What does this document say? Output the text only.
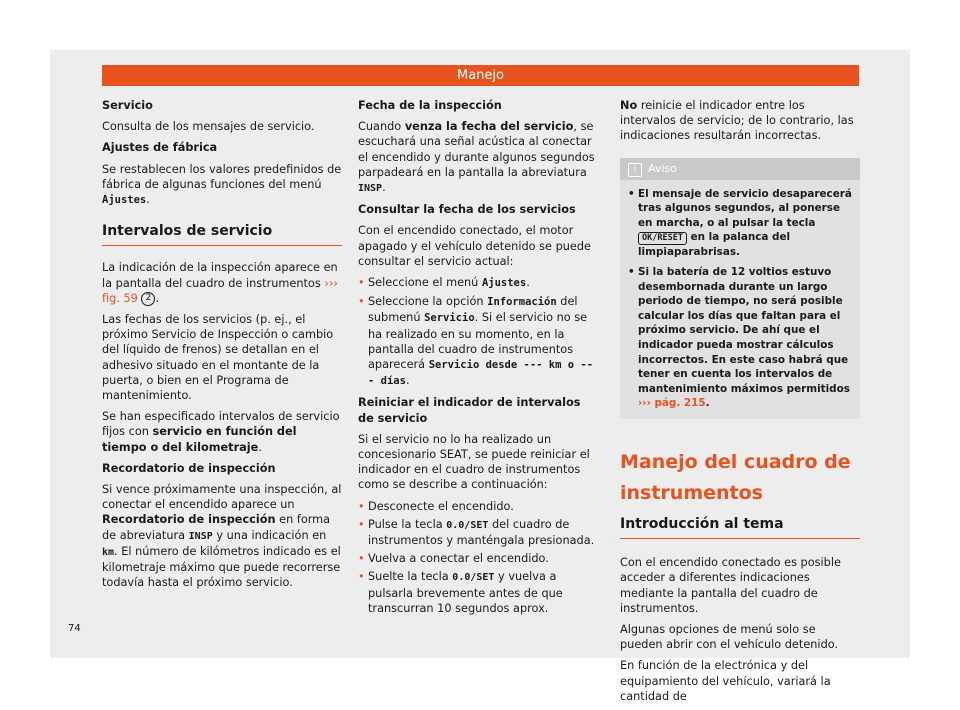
Manejo

Servicio

Consulta de los mensajes de servicio.

Ajustes de fábrica

Se restablecen los valores predefinidos de fábrica de algunas funciones del menú Ajustes.

Intervalos de servicio

La indicación de la inspección aparece en la pantalla del cuadro de instrumentos ››› fig. 59 2 .

Las fechas de los servicios (p. ej., el próximo Servicio de Inspección o cambio del líquido de frenos) se detallan en el adhesivo situado en el montante de la puerta, o bien en el Programa de mantenimiento.

Se han especificado intervalos de servicio fijos con servicio en función del tiempo o del kilometraje.

Recordatorio de inspección

Si vence próximamente una inspección, al conectar el encendido aparece un Recordatorio de inspección en forma de abreviatura INSP y una indicación en km. El número de kilómetros indicado es el kilometraje máximo que puede recorrerse todavía hasta el próximo servicio.

Fecha de la inspección

Cuando venza la fecha del servicio, se escuchará una señal acústica al conectar el encendido y durante algunos segundos parpadeará en la pantalla la abreviatura INSP.

Consultar la fecha de los servicios

Con el encendido conectado, el motor apagado y el vehículo detenido se puede consultar el servicio actual:

• Seleccione el menú Ajustes.
• Seleccione la opción Información del submenú Servicio. Si el servicio no se ha realizado en su momento, en la pantalla del cuadro de instrumentos aparecerá Servicio desde --- km o --- días.

Reiniciar el indicador de intervalos de servicio

Si el servicio no lo ha realizado un concesionario SEAT, se puede reiniciar el indicador en el cuadro de instrumentos como se describe a continuación:

• Desconecte el encendido.
• Pulse la tecla 0.0/SET del cuadro de instrumentos y manténgala presionada.
• Vuelva a conectar el encendido.
• Suelte la tecla 0.0/SET y vuelva a pulsarla brevemente antes de que transcurran 10 segundos aprox.

No reinicie el indicador entre los intervalos de servicio; de lo contrario, las indicaciones resultarán incorrectas.

i Aviso
• El mensaje de servicio desaparecerá tras algunos segundos, al ponerse en marcha, o al pulsar la tecla OK/RESET en la palanca del limpiaparabrisas.
• Si la batería de 12 voltios estuvo desembornada durante un largo periodo de tiempo, no será posible calcular los días que faltan para el próximo servicio. De ahí que el indicador pueda mostrar cálculos incorrectos. En este caso habrá que tener en cuenta los intervalos de mantenimiento máximos permitidos ››› pág. 215.
Manejo del cuadro de instrumentos
Introducción al tema

Con el encendido conectado es posible acceder a diferentes indicaciones mediante la pantalla del cuadro de instrumentos.

Algunas opciones de menú solo se pueden abrir con el vehículo detenido.

En función de la electrónica y del equipamiento del vehículo, variará la cantidad de

74
